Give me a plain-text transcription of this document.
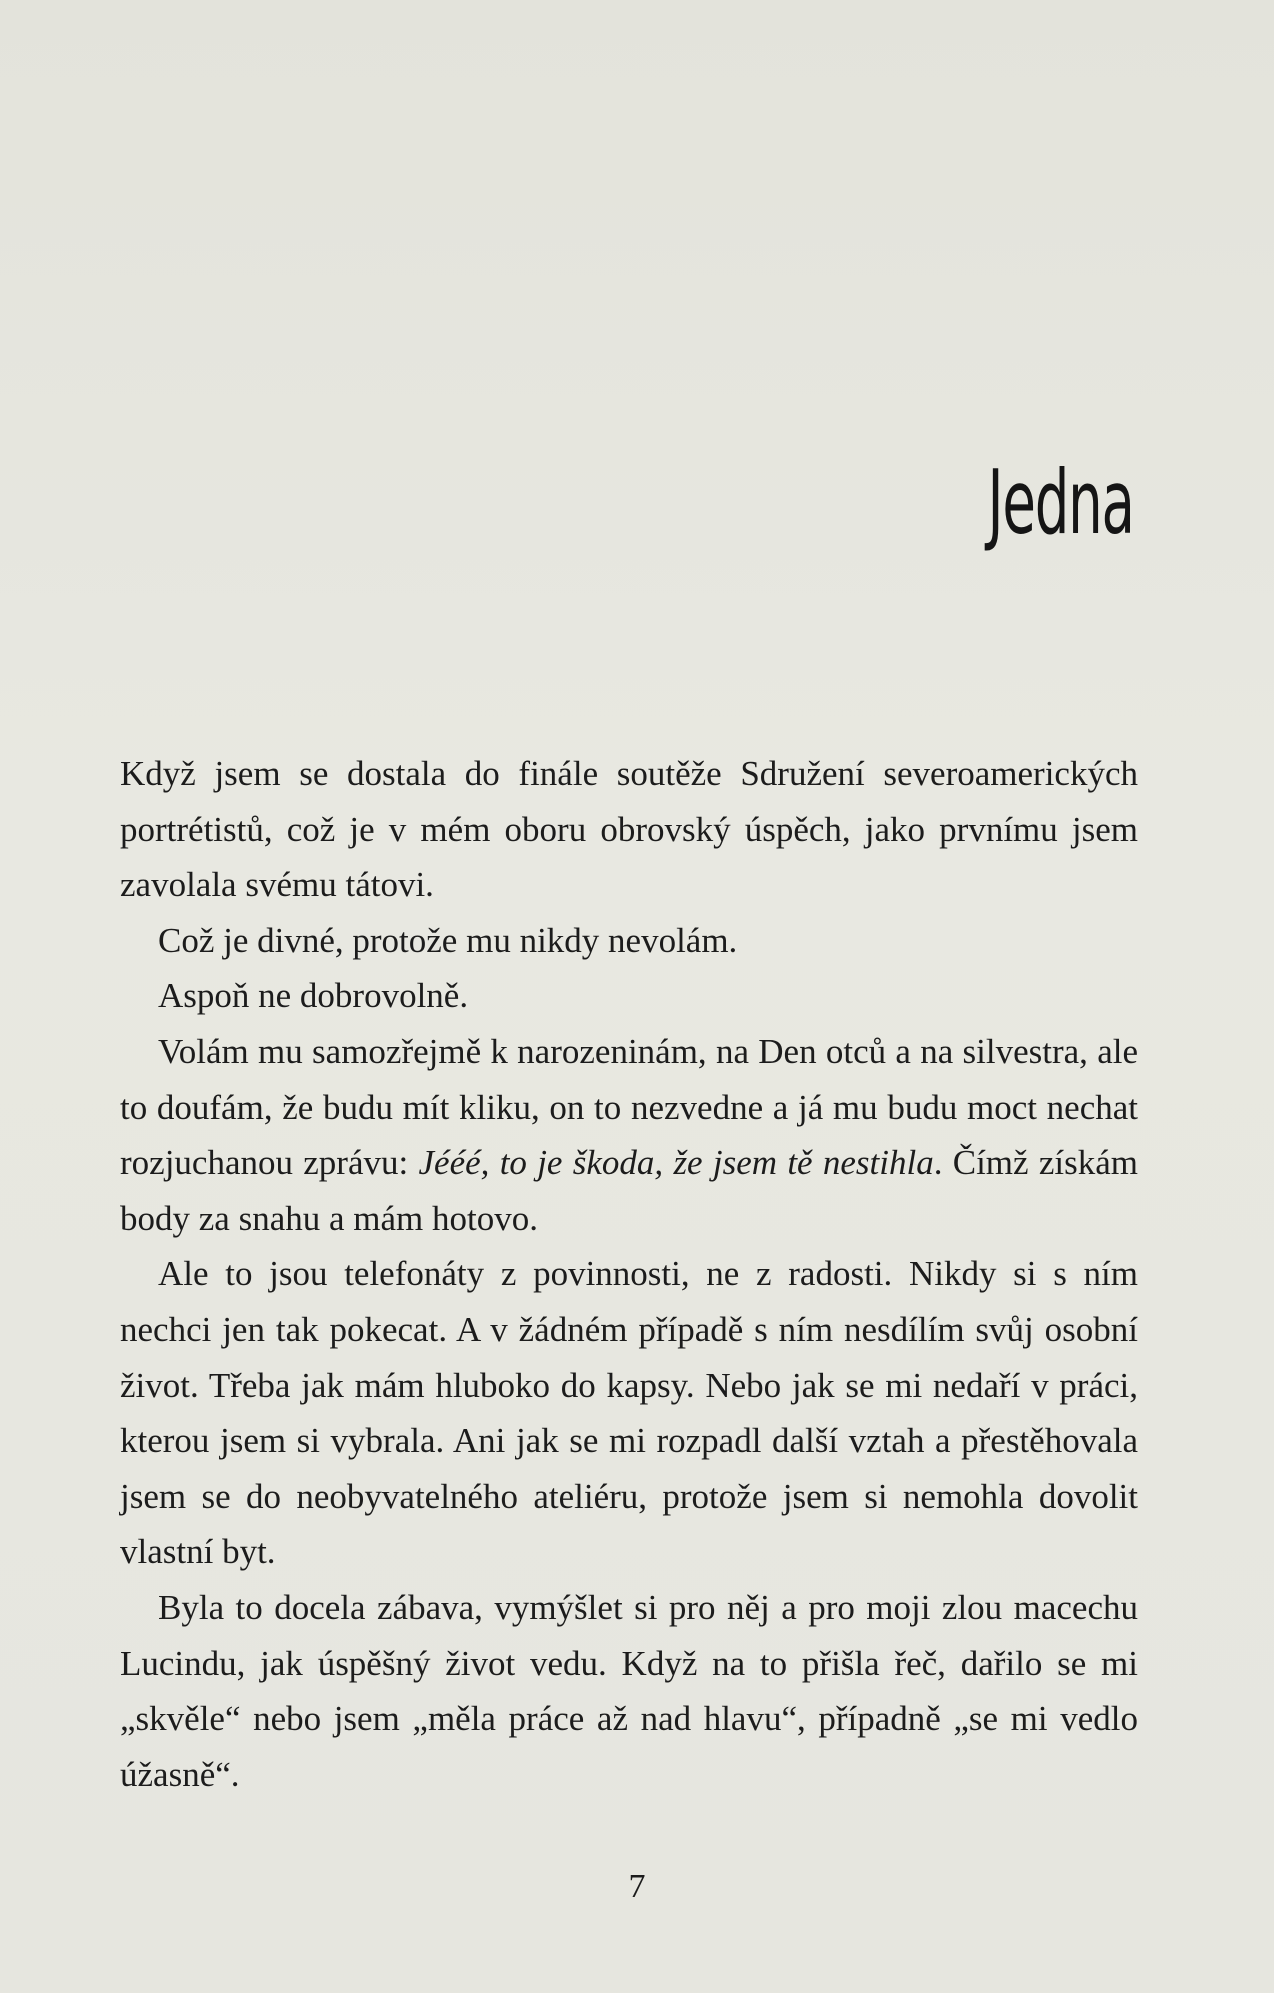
Jedna

Když jsem se dostala do finále soutěže Sdružení severoamerických portrétistů, což je v mém oboru obrovský úspěch, jako prvnímu jsem zavolala svému tátovi.

Což je divné, protože mu nikdy nevolám.

Aspoň ne dobrovolně.

Volám mu samozřejmě k narozeninám, na Den otců a na silvestra, ale to doufám, že budu mít kliku, on to nezvedne a já mu budu moct nechat rozjuchanou zprávu: Jééé, to je škoda, že jsem tě nestihla. Čímž získám body za snahu a mám hotovo.

Ale to jsou telefonáty z povinnosti, ne z radosti. Nikdy si s ním nechci jen tak pokecat. A v žádném případě s ním nesdílím svůj osobní život. Třeba jak mám hluboko do kapsy. Nebo jak se mi nedaří v práci, kterou jsem si vybrala. Ani jak se mi rozpadl další vztah a přestěhovala jsem se do neobyvatelného ateliéru, protože jsem si nemohla dovolit vlastní byt.

Byla to docela zábava, vymýšlet si pro něj a pro moji zlou macechu Lucindu, jak úspěšný život vedu. Když na to přišla řeč, dařilo se mi „skvěle“ nebo jsem „měla práce až nad hlavu“, případně „se mi vedlo úžasně“.

7
